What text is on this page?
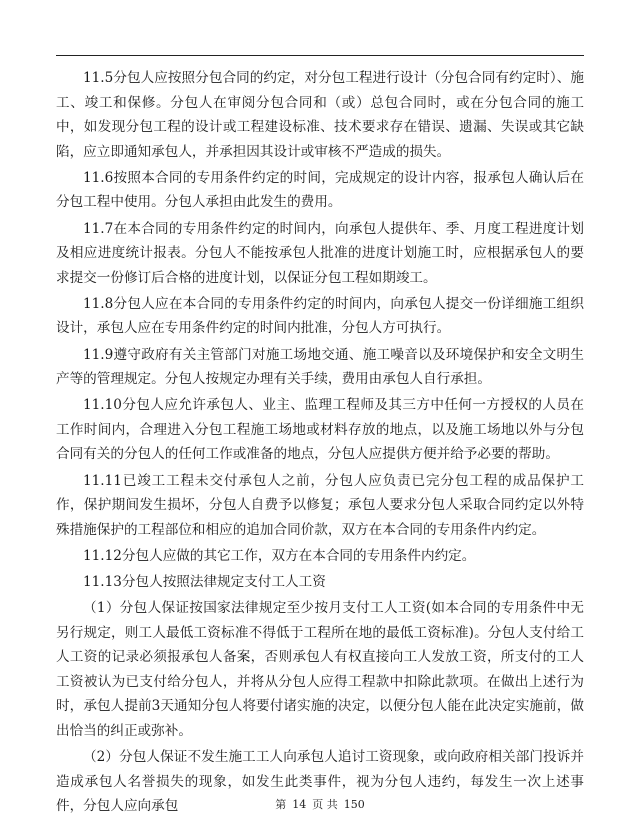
11.5分包人应按照分包合同的约定，对分包工程进行设计（分包合同有约定时）、施工、竣工和保修。分包人在审阅分包合同和（或）总包合同时，或在分包合同的施工中，如发现分包工程的设计或工程建设标准、技术要求存在错误、遗漏、失误或其它缺陷，应立即通知承包人，并承担因其设计或审核不严造成的损失。

11.6按照本合同的专用条件约定的时间，完成规定的设计内容，报承包人确认后在分包工程中使用。分包人承担由此发生的费用。

11.7在本合同的专用条件约定的时间内，向承包人提供年、季、月度工程进度计划及相应进度统计报表。分包人不能按承包人批准的进度计划施工时，应根据承包人的要求提交一份修订后合格的进度计划，以保证分包工程如期竣工。

11.8分包人应在本合同的专用条件约定的时间内，向承包人提交一份详细施工组织设计，承包人应在专用条件约定的时间内批准，分包人方可执行。

11.9遵守政府有关主管部门对施工场地交通、施工噪音以及环境保护和安全文明生产等的管理规定。分包人按规定办理有关手续，费用由承包人自行承担。

11.10分包人应允许承包人、业主、监理工程师及其三方中任何一方授权的人员在工作时间内，合理进入分包工程施工场地或材料存放的地点，以及施工场地以外与分包合同有关的分包人的任何工作或准备的地点，分包人应提供方便并给予必要的帮助。

11.11已竣工工程未交付承包人之前，分包人应负责已完分包工程的成品保护工作，保护期间发生损坏，分包人自费予以修复；承包人要求分包人采取合同约定以外特殊措施保护的工程部位和相应的追加合同价款，双方在本合同的专用条件内约定。

11.12分包人应做的其它工作，双方在本合同的专用条件内约定。

11.13分包人按照法律规定支付工人工资

（1）分包人保证按国家法律规定至少按月支付工人工资(如本合同的专用条件中无另行规定，则工人最低工资标准不得低于工程所在地的最低工资标准)。分包人支付给工人工资的记录必须报承包人备案，否则承包人有权直接向工人发放工资，所支付的工人工资被认为已支付给分包人，并将从分包人应得工程款中扣除此款项。在做出上述行为时，承包人提前3天通知分包人将要付诸实施的决定，以便分包人能在此决定实施前，做出恰当的纠正或弥补。

（2）分包人保证不发生施工工人向承包人追讨工资现象，或向政府相关部门投诉并造成承包人名誉损失的现象，如发生此类事件，视为分包人违约，每发生一次上述事件，分包人应向承包	第 14 页 共 150
